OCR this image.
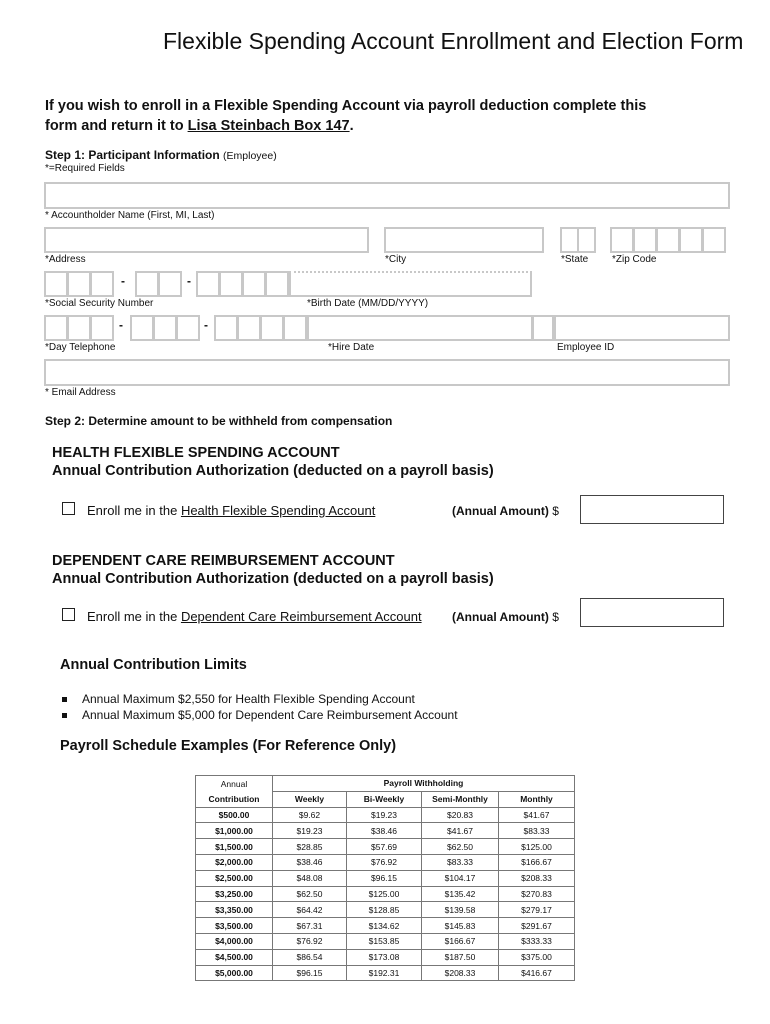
Flexible Spending Account Enrollment and Election Form
If you wish to enroll in a Flexible Spending Account via payroll deduction complete this
form and return it to Lisa Steinbach Box 147.
Step 1: Participant Information (Employee)
*=Required Fields
* Accountholder Name (First, MI, Last)
*Address	*City	*State *Zip Code
-	-
*Social Security Number	*Birth Date (MM/DD/YYYY)
-	-
*Day Telephone	*Hire Date	Employee ID
* Email Address
Step 2: Determine amount to be withheld from compensation
HEALTH FLEXIBLE SPENDING ACCOUNT
Annual Contribution Authorization (deducted on a payroll basis)
Enroll me in the Health Flexible Spending Account	(Annual Amount) $
DEPENDENT CARE REIMBURSEMENT ACCOUNT
Annual Contribution Authorization (deducted on a payroll basis)
Enroll me in the Dependent Care Reimbursement Account	(Annual Amount) $
Annual Contribution Limits
Annual Maximum $2,550 for Health Flexible Spending Account
Annual Maximum $5,000 for Dependent Care Reimbursement Account
Payroll Schedule Examples (For Reference Only)
Annual	Payroll Withholding			
Contribution	Weekly	Bi-Weekly	Semi-Monthly	Monthly
$500.00	$9.62	$19.23	$20.83	$41.67
$1,000.00	$19.23	$38.46	$41.67	$83.33
$1,500.00	$28.85	$57.69	$62.50	$125.00
$2,000.00	$38.46	$76.92	$83.33	$166.67
$2,500.00	$48.08	$96.15	$104.17	$208.33
$3,250.00	$62.50	$125.00	$135.42	$270.83
$3,350.00	$64.42	$128.85	$139.58	$279.17
$3,500.00	$67.31	$134.62	$145.83	$291.67
$4,000.00	$76.92	$153.85	$166.67	$333.33
$4,500.00	$86.54	$173.08	$187.50	$375.00
$5,000.00	$96.15	$192.31	$208.33	$416.67
